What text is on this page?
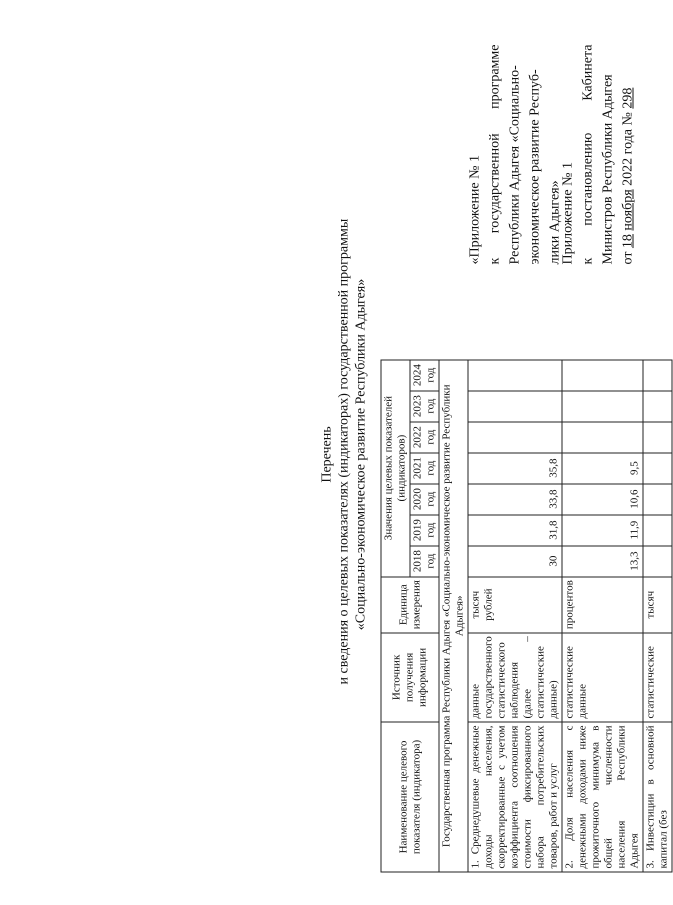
Приложение № 1 к
постановлению
Кабинета
Министров Республики Адыгея от 18 ноября 2022 года № 298
«Приложение № 1 к
государственной
программе Республики Адыгея «Социально- экономическое развитие Респуб- лики Адыгея»
Перечень и сведения о целевых показателях (индикаторах) государственной программы «Социально-экономическое развитие Республики Адыгея»
Наименование целевого показателя (индикатора)	Источник получения информации	Единица измерения	Значения целевых показателей (индикаторов)						
			2018 год	2019 год	2020 год	2021 год	2022 год	2023 год	2024 год
Государственная программа Республики Адыгея «Социально-экономическое развитие Республики Адыгея»									
1. Среднедушевые денежные доходы населения, скорректированные с учетом коэффициента соотношения стоимости фиксированного набора потребительских товаров, работ и услуг	данные государственного статистического наблюдения (далее – статистические данные)	тысяч рублей	30	31,8	33,8	35,8			
2. Доля населения с денежными доходами ниже прожиточного минимума в общей численности населения Республики Адыгея	статистические данные	процентов	13,3	11,9	10,6	9,5			
3. Инвестиции в основной капитал (без	статистические	тысяч							
